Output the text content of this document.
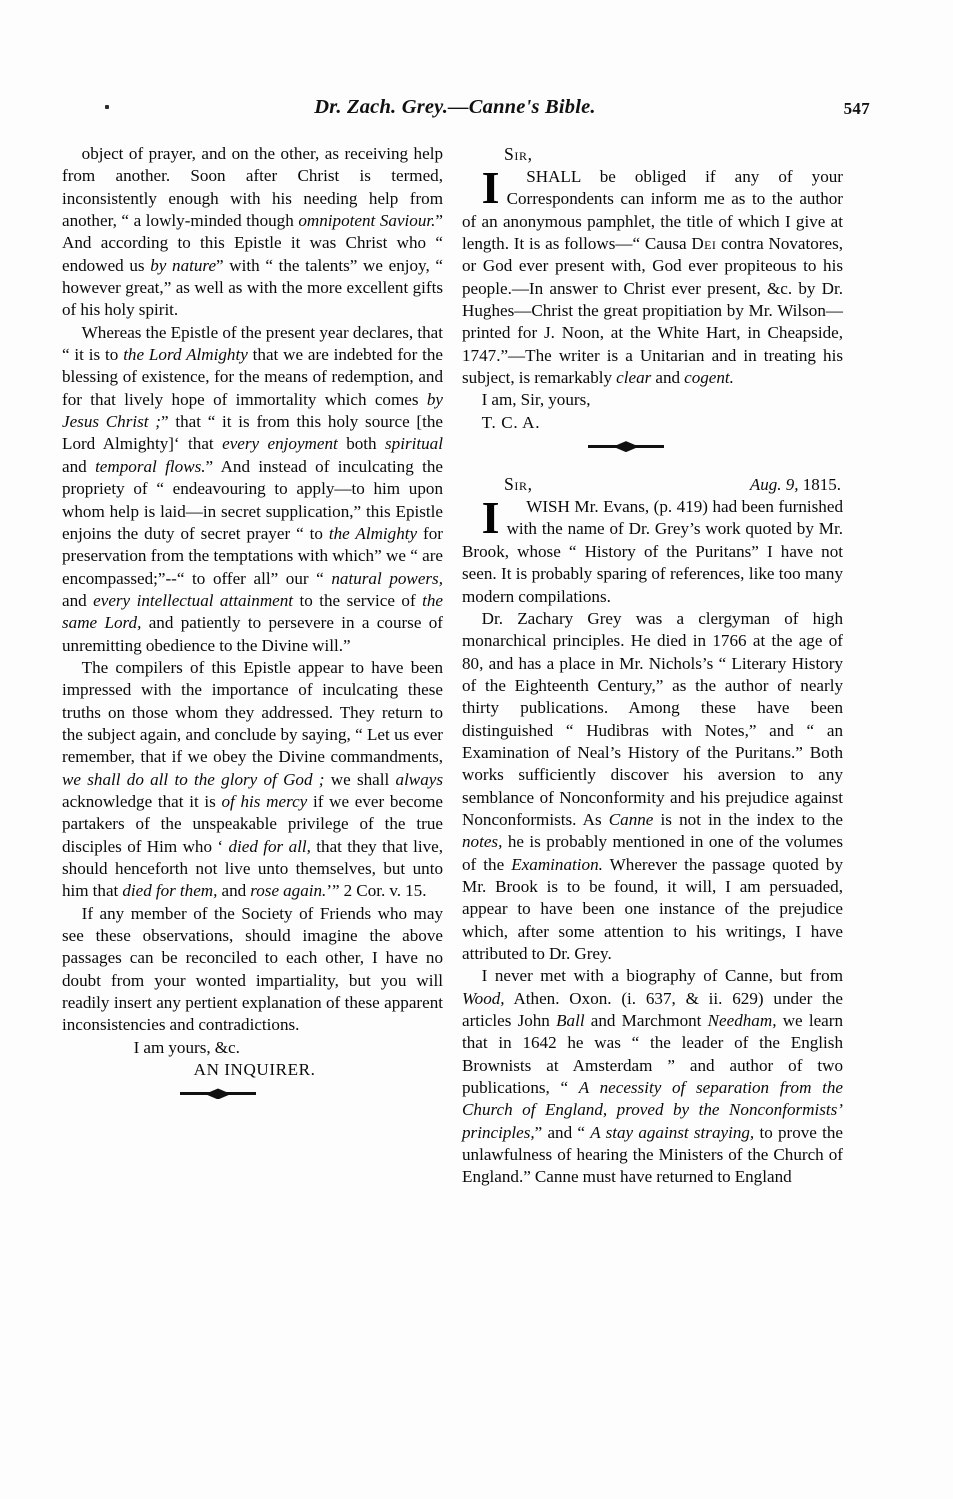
Dr. Zach. Grey.—Canne's Bible.	547

object of prayer, and on the other, as receiving help from another. Soon after Christ is termed, inconsistently enough with his needing help from another, “ a lowly-minded though omnipotent Saviour.” And according to this Epistle it was Christ who “ endowed us by nature” with “ the talents” we enjoy, “ however great,” as well as with the more excellent gifts of his holy spirit.

Whereas the Epistle of the present year declares, that “ it is to the Lord Almighty that we are indebted for the blessing of existence, for the means of redemption, and for that lively hope of immortality which comes by Jesus Christ ;” that “ it is from this holy source [the Lord Almighty]‘ that every enjoyment both spiritual and temporal flows.” And instead of inculcating the propriety of “ endeavouring to apply—to him upon whom help is laid—in secret supplication,” this Epistle enjoins the duty of secret prayer “ to the Almighty for preservation from the temptations with which” we “ are encompassed;”--“ to offer all” our “ natural powers, and every intellectual attainment to the service of the same Lord, and patiently to persevere in a course of unremitting obedience to the Divine will.”

The compilers of this Epistle appear to have been impressed with the importance of inculcating these truths on those whom they addressed. They return to the subject again, and conclude by saying, “ Let us ever remember, that if we obey the Divine commandments, we shall do all to the glory of God ; we shall always acknowledge that it is of his mercy if we ever become partakers of the unspeakable privilege of the true disciples of Him who ‘ died for all, that they that live, should henceforth not live unto themselves, but unto him that died for them, and rose again.’” 2 Cor. v. 15.

If any member of the Society of Friends who may see these observations, should imagine the above passages can be reconciled to each other, I have no doubt from your wonted impartiality, but you will readily insert any pertient explanation of these apparent inconsistencies and contradictions.

I am yours, &c.

AN INQUIRER.

Sir,

I SHALL be obliged if any of your Correspondents can inform me as to the author of an anonymous pamphlet, the title of which I give at length. It is as follows—“ Causa Dei contra Novatores, or God ever present with, God ever propiteous to his people.—In answer to Christ ever present, &c. by Dr. Hughes—Christ the great propitiation by Mr. Wilson—printed for J. Noon, at the White Hart, in Cheapside, 1747.”—The writer is a Unitarian and in treating his subject, is remarkably clear and cogent.

I am, Sir, yours,

T. C. A.

Sir,	Aug. 9, 1815.

I WISH Mr. Evans, (p. 419) had been furnished with the name of Dr. Grey’s work quoted by Mr. Brook, whose “ History of the Puritans” I have not seen. It is probably sparing of references, like too many modern compilations.

Dr. Zachary Grey was a clergyman of high monarchical principles. He died in 1766 at the age of 80, and has a place in Mr. Nichols’s “ Literary History of the Eighteenth Century,” as the author of nearly thirty publications. Among these have been distinguished “ Hudibras with Notes,” and “ an Examination of Neal’s History of the Puritans.” Both works sufficiently discover his aversion to any semblance of Nonconformity and his prejudice against Nonconformists. As Canne is not in the index to the notes, he is probably mentioned in one of the volumes of the Examination. Wherever the passage quoted by Mr. Brook is to be found, it will, I am persuaded, appear to have been one instance of the prejudice which, after some attention to his writings, I have attributed to Dr. Grey.

I never met with a biography of Canne, but from Wood, Athen. Oxon. (i. 637, & ii. 629) under the articles John Ball and Marchmont Needham, we learn that in 1642 he was “ the leader of the English Brownists at Amsterdam ” and author of two publications, “ A necessity of separation from the Church of England, proved by the Nonconformists’ principles,” and “ A stay against straying, to prove the unlawfulness of hearing the Ministers of the Church of England.” Canne must have returned to England
